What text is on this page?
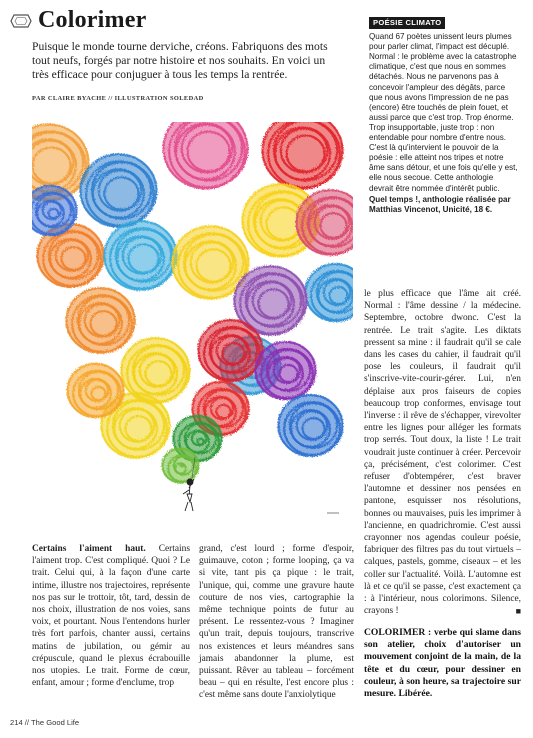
Colorimer
Puisque le monde tourne derviche, créons. Fabriquons des mots tout neufs, forgés par notre histoire et nos souhaits. En voici un très efficace pour conjuguer à tous les temps la rentrée.
PAR CLAIRE BYACHE // ILLUSTRATION SOLEDAD
POÉSIE CLIMATO

Quand 67 poètes unissent leurs plumes pour parler climat, l'impact est décuplé. Normal : le problème avec la catastrophe climatique, c'est que nous en sommes détachés. Nous ne parvenons pas à concevoir l'ampleur des dégâts, parce que nous avons l'impression de ne pas (encore) être touchés de plein fouet, et aussi parce que c'est trop. Trop énorme. Trop insupportable, juste trop : non entendable pour nombre d'entre nous. C'est là qu'intervient le pouvoir de la poésie : elle atteint nos tripes et notre âme sans détour, et une fois qu'elle y est, elle nous secoue. Cette anthologie devrait être nommée d'intérêt public.

Quel temps !, anthologie réalisée par Matthias Vincenot, Unicité, 18 €.

Certains l'aiment haut. Certains l'aiment trop. C'est compliqué. Quoi ? Le trait. Celui qui, à la façon d'une carte intime, illustre nos trajectoires, représente nos pas sur le trottoir, tôt, tard, dessin de nos choix, illustration de nos voies, sans voix, et pourtant. Nous l'entendons hurler très fort parfois, chanter aussi, certains matins de jubilation, ou gémir au crépuscule, quand le plexus écrabouille nos utopies. Le trait. Forme de cœur, enfant, amour ; forme d'enclume, trop
grand, c'est lourd ; forme d'espoir, guimauve, coton ; forme looping, ça va si vite, tant pis ça pique : le trait, l'unique, qui, comme une gravure haute couture de nos vies, cartographie la même technique points de futur au présent. Le ressentez-vous ? Imaginer qu'un trait, depuis toujours, transcrive nos existences et leurs méandres sans jamais abandonner la plume, est puissant. Rêver au tableau – forcément beau – qui en résulte, l'est encore plus : c'est même sans doute l'anxiolytique
le plus efficace que l'âme ait créé. Normal : l'âme dessine / la médecine. Septembre, octobre dwonc. C'est la rentrée. Le trait s'agite. Les diktats pressent sa mine : il faudrait qu'il se cale dans les cases du cahier, il faudrait qu'il pose les couleurs, il faudrait qu'il s'inscrive-vite-courir-gérer. Lui, n'en déplaise aux pros faiseurs de copies beaucoup trop conformes, envisage tout l'inverse : il rêve de s'échapper, virevolter entre les lignes pour alléger les formats trop serrés. Tout doux, la liste ! Le trait voudrait juste continuer à créer. Percevoir ça, précisément, c'est colorimer. C'est refuser d'obtempérer, c'est braver l'automne et dessiner nos pensées en pantone, esquisser nos résolutions, bonnes ou mauvaises, puis les imprimer à l'ancienne, en quadrichromie. C'est aussi crayonner nos agendas couleur poésie, fabriquer des filtres pas du tout virtuels – calques, pastels, gomme, ciseaux – et les coller sur l'actualité. Voilà. L'automne est là et ce qu'il se passe, c'est exactement ça : à l'intérieur, nous colorimons. Silence, crayons !	■
COLORIMER : verbe qui slame dans son atelier, choix d'autoriser un mouvement conjoint de la main, de la tête et du cœur, pour dessiner en couleur, à son heure, sa trajectoire sur mesure. Libérée.
214 // The Good Life
